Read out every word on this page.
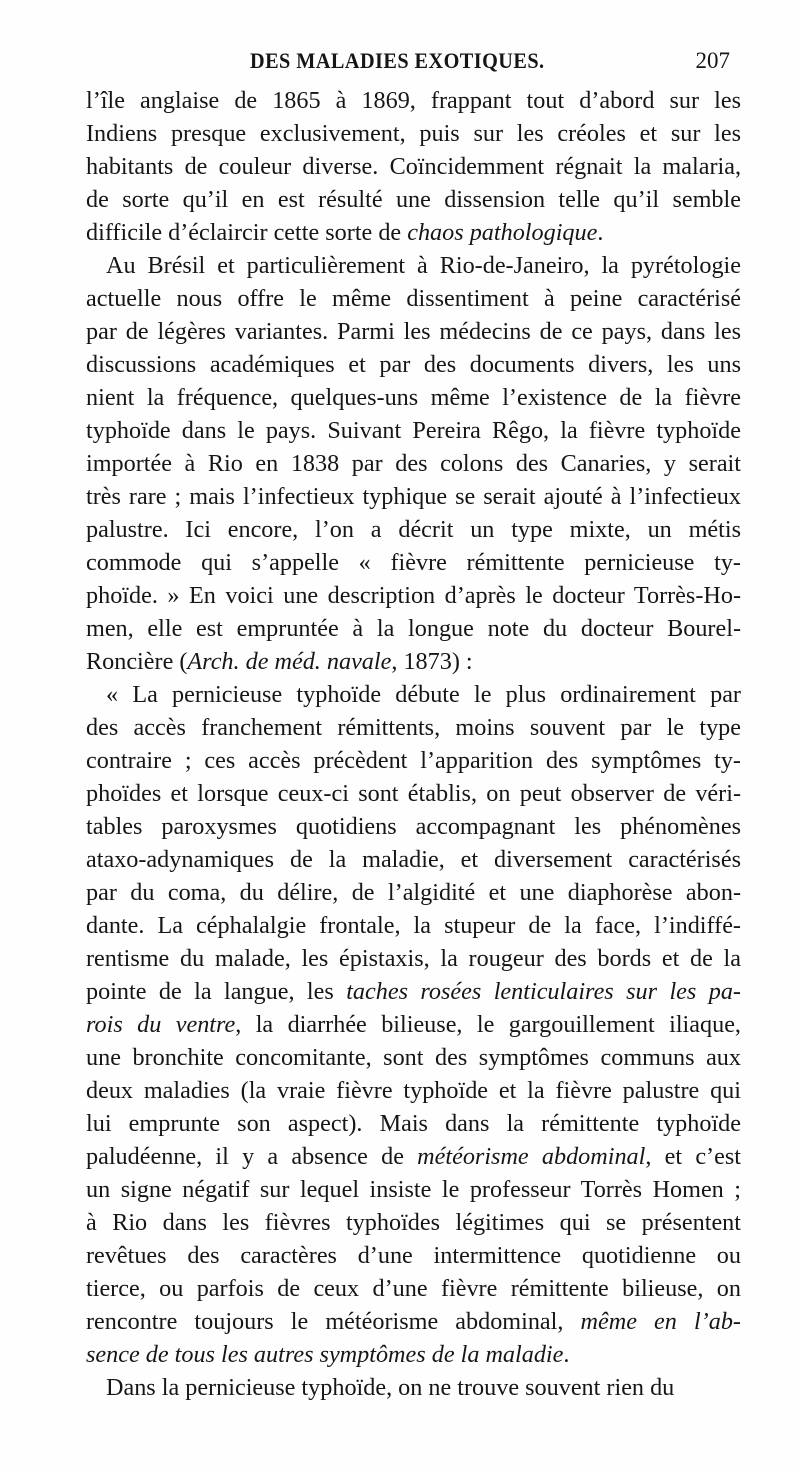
DES MALADIES EXOTIQUES.	207
l’île anglaise de 1865 à 1869, frappant tout d’abord sur les
Indiens presque exclusivement, puis sur les créoles et sur les
habitants de couleur diverse. Coïncidemment régnait la malaria,
de sorte qu’il en est résulté une dissension telle qu’il semble
difficile d’éclaircir cette sorte de chaos pathologique.
Au Brésil et particulièrement à Rio-de-Janeiro, la pyrétologie
actuelle nous offre le même dissentiment à peine caractérisé
par de légères variantes. Parmi les médecins de ce pays, dans les
discussions académiques et par des documents divers, les uns
nient la fréquence, quelques-uns même l’existence de la fièvre
typhoïde dans le pays. Suivant Pereira Rêgo, la fièvre typhoïde
importée à Rio en 1838 par des colons des Canaries, y serait
très rare ; mais l’infectieux typhique se serait ajouté à l’infectieux
palustre. Ici encore, l’on a décrit un type mixte, un métis
commode qui s’appelle « fièvre rémittente pernicieuse ty-
phoïde. » En voici une description d’après le docteur Torrès-Ho-
men, elle est empruntée à la longue note du docteur Bourel-
Roncière (Arch. de méd. navale, 1873) :
« La pernicieuse typhoïde débute le plus ordinairement par
des accès franchement rémittents, moins souvent par le type
contraire ; ces accès précèdent l’apparition des symptômes ty-
phoïdes et lorsque ceux-ci sont établis, on peut observer de véri-
tables paroxysmes quotidiens accompagnant les phénomènes
ataxo-adynamiques de la maladie, et diversement caractérisés
par du coma, du délire, de l’algidité et une diaphorèse abon-
dante. La céphalalgie frontale, la stupeur de la face, l’indiffé-
rentisme du malade, les épistaxis, la rougeur des bords et de la
pointe de la langue, les taches rosées lenticulaires sur les pa-
rois du ventre, la diarrhée bilieuse, le gargouillement iliaque,
une bronchite concomitante, sont des symptômes communs aux
deux maladies (la vraie fièvre typhoïde et la fièvre palustre qui
lui emprunte son aspect). Mais dans la rémittente typhoïde
paludéenne, il y a absence de météorisme abdominal, et c’est
un signe négatif sur lequel insiste le professeur Torrès Homen ;
à Rio dans les fièvres typhoïdes légitimes qui se présentent
revêtues des caractères d’une intermittence quotidienne ou
tierce, ou parfois de ceux d’une fièvre rémittente bilieuse, on
rencontre toujours le météorisme abdominal, même en l’ab-
sence de tous les autres symptômes de la maladie.
Dans la pernicieuse typhoïde, on ne trouve souvent rien du
